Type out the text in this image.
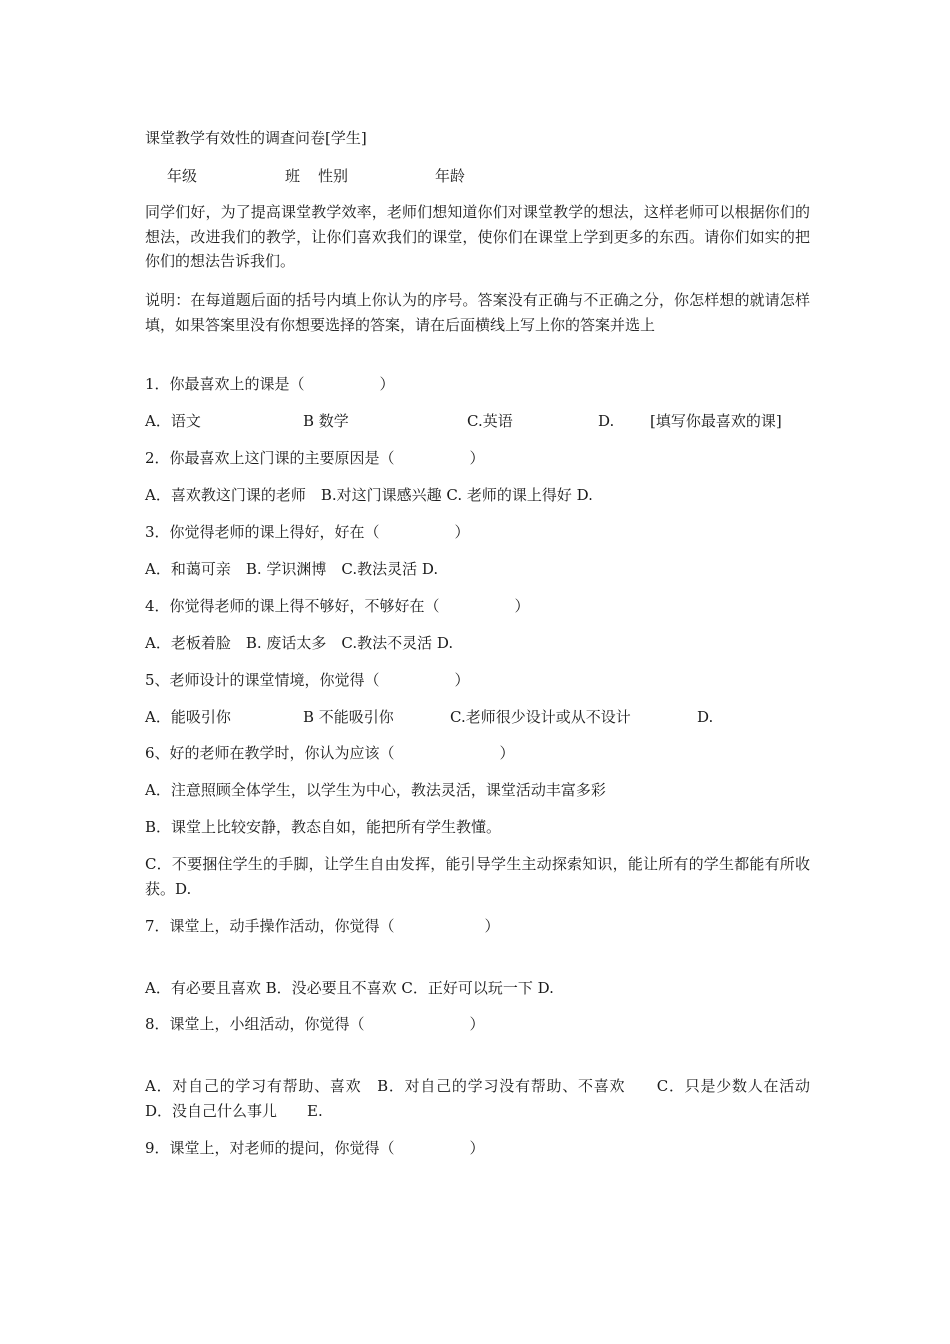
课堂教学有效性的调查问卷[学生]
年级	班 性别	年龄
同学们好，为了提高课堂教学效率，老师们想知道你们对课堂教学的想法，这样老师可以根据你们的想法，改进我们的教学，让你们喜欢我们的课堂，使你们在课堂上学到更多的东西。请你们如实的把你们的想法告诉我们。
说明：在每道题后面的括号内填上你认为的序号。答案没有正确与不正确之分，你怎样想的就请怎样填，如果答案里没有你想要选择的答案，请在后面横线上写上你的答案并选上
1．你最喜欢上的课是（　　　　　）
A．语文	B 数学	C.英语	D. [填写你最喜欢的课]
2．你最喜欢上这门课的主要原因是（　　　　　）
A．喜欢教这门课的老师　B.对这门课感兴趣 C. 老师的课上得好 D.
3．你觉得老师的课上得好，好在（　　　　　）
A．和蔼可亲　B. 学识渊博　C.教法灵活 D.
4．你觉得老师的课上得不够好，不够好在（　　　　　）
A．老板着脸　B. 废话太多　C.教法不灵活 D.
5、老师设计的课堂情境，你觉得（　　　　　）
A．能吸引你	B 不能吸引你	C.老师很少设计或从不设计	D.
6、好的老师在教学时，你认为应该（　　　　　　　）
A．注意照顾全体学生，以学生为中心，教法灵活，课堂活动丰富多彩
B．课堂上比较安静，教态自如，能把所有学生教懂。
C．不要捆住学生的手脚，让学生自由发挥，能引导学生主动探索知识，能让所有的学生都能有所收获。D.
7．课堂上，动手操作活动，你觉得（　　　　　　）
A．有必要且喜欢 B．没必要且不喜欢 C．正好可以玩一下 D.
8．课堂上，小组活动，你觉得（　　　　　　　）
A．对自己的学习有帮助、喜欢　B．对自己的学习没有帮助、不喜欢　　C．只是少数人在活动 D．没自己什么事儿　　E.
9．课堂上，对老师的提问，你觉得（　　　　　）
